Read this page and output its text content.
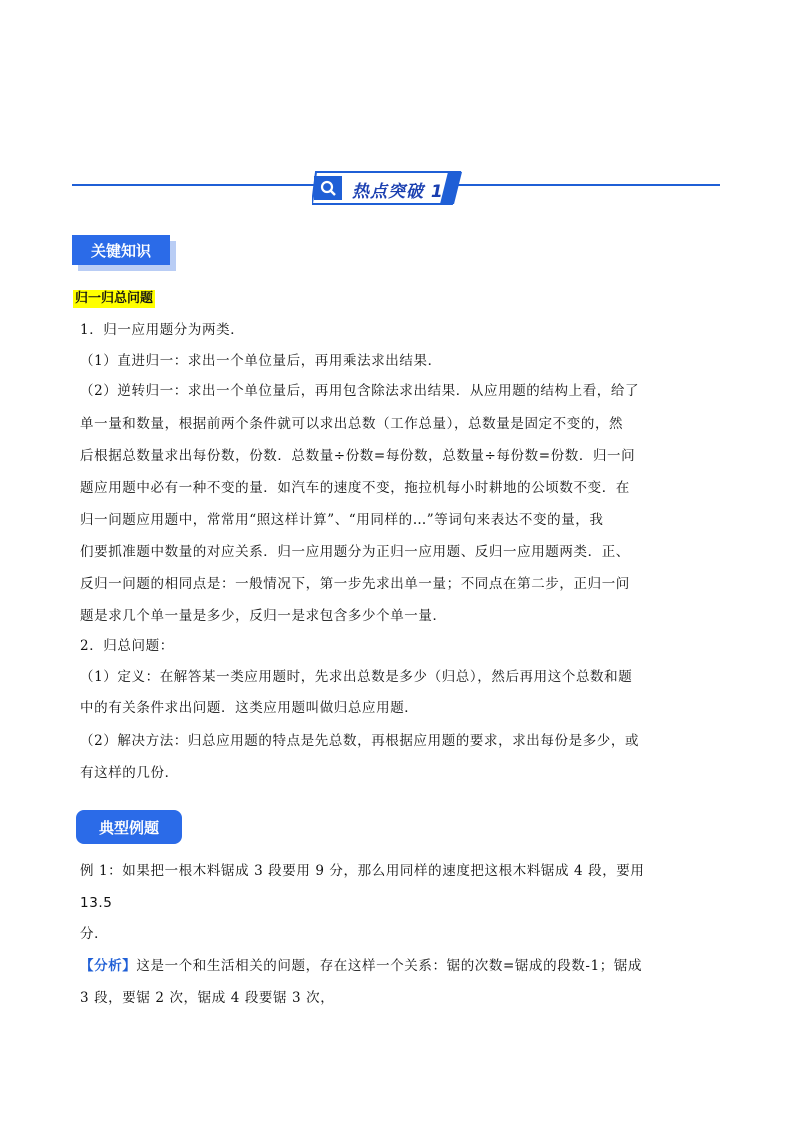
热点突破 1
关键知识
归一归总问题
1．归一应用题分为两类．
（1）直进归一：求出一个单位量后，再用乘法求出结果．
（2）逆转归一：求出一个单位量后，再用包含除法求出结果．从应用题的结构上看，给了
单一量和数量，根据前两个条件就可以求出总数（工作总量），总数量是固定不变的，然
后根据总数量求出每份数，份数．总数量÷份数=每份数，总数量÷每份数=份数．归一问
题应用题中必有一种不变的量．如汽车的速度不变，拖拉机每小时耕地的公顷数不变．在
归一问题应用题中，常常用“照这样计算”、“用同样的…”等词句来表达不变的量，我
们要抓准题中数量的对应关系．归一应用题分为正归一应用题、反归一应用题两类．正、
反归一问题的相同点是：一般情况下，第一步先求出单一量；不同点在第二步，正归一问
题是求几个单一量是多少，反归一是求包含多少个单一量．
2．归总问题：
（1）定义：在解答某一类应用题时，先求出总数是多少（归总），然后再用这个总数和题
中的有关条件求出问题．这类应用题叫做归总应用题．
（2）解决方法：归总应用题的特点是先总数，再根据应用题的要求，求出每份是多少，或
有这样的几份．
典型例题
例 1：如果把一根木料锯成 3 段要用 9 分，那么用同样的速度把这根木料锯成 4 段，要用
13.5
分．
【分析】这是一个和生活相关的问题，存在这样一个关系：锯的次数=锯成的段数-1；锯成
3 段，要锯 2 次，锯成 4 段要锯 3 次，
